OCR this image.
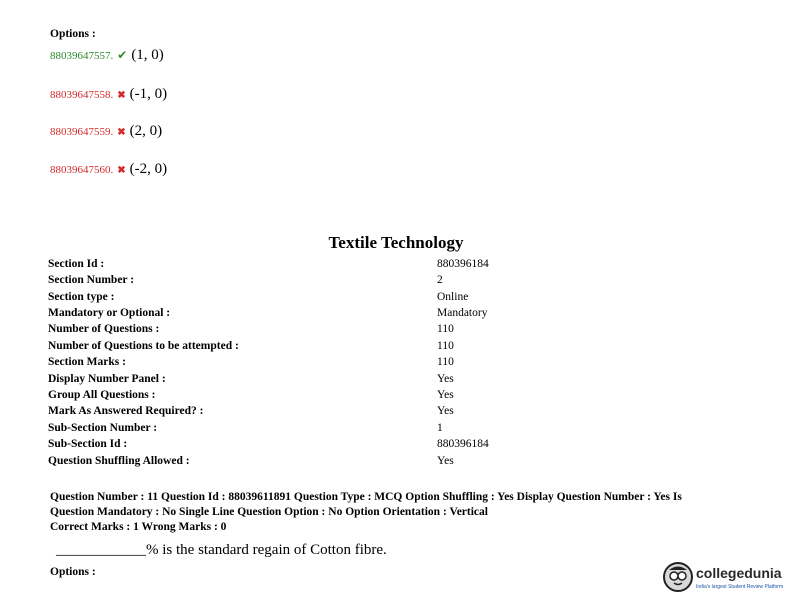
Options :
88039647557. ✔ (1, 0)
88039647558. ✖ (-1, 0)
88039647559. ✖ (2, 0)
88039647560. ✖ (-2, 0)
Textile Technology
Section Id :	880396184
Section Number :	2
Section type :	Online
Mandatory or Optional :	Mandatory
Number of Questions :	110
Number of Questions to be attempted :	110
Section Marks :	110
Display Number Panel :	Yes
Group All Questions :	Yes
Mark As Answered Required? :	Yes
Sub-Section Number :	1
Sub-Section Id :	880396184
Question Shuffling Allowed :	Yes
Question Number : 11 Question Id : 88039611891 Question Type : MCQ Option Shuffling : Yes Display Question Number : Yes Is
Question Mandatory : No Single Line Question Option : No Option Orientation : Vertical
Correct Marks : 1 Wrong Marks : 0
____________% is the standard regain of Cotton fibre.
Options :	collegedunia
India's largest Student Review Platform
